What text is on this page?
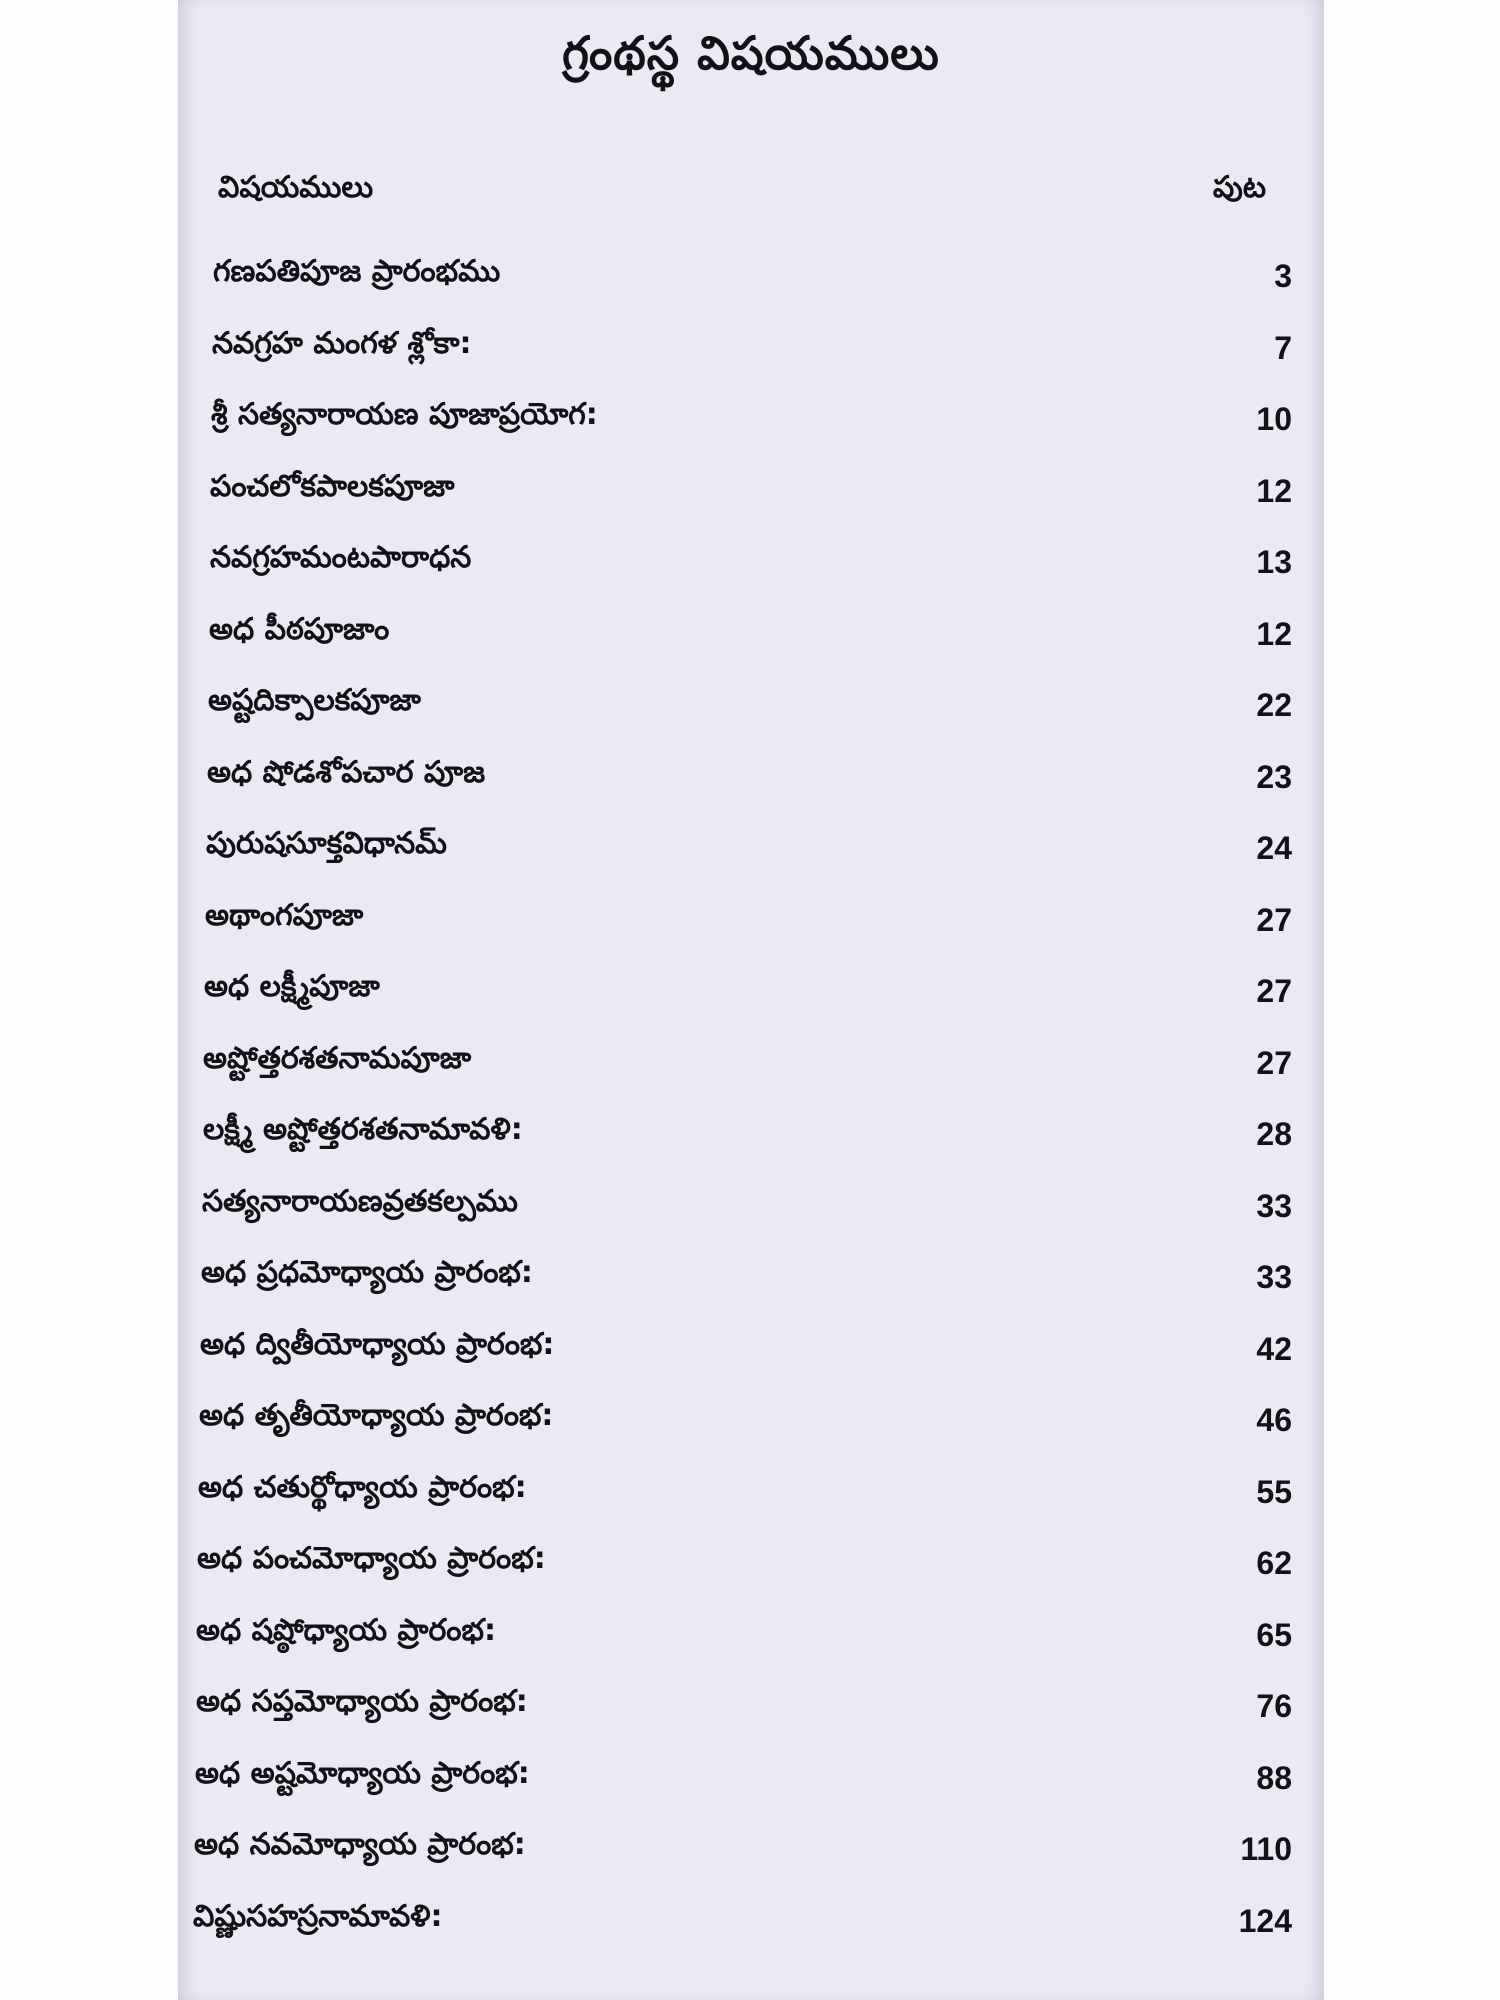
గ్రంథస్థ విషయములు
విషయములు	పుట
గణపతిపూజ ప్రారంభము	3
నవగ్రహ మంగళ శ్లోకా:	7
శ్రీ సత్యనారాయణ పూజాప్రయోగ:	10
పంచలోకపాలకపూజా	12
నవగ్రహమంటపారాధన	13
అధ పీఠపూజాం	12
అష్టదిక్పాలకపూజా	22
అధ షోడశోపచార పూజ	23
పురుషసూక్తవిధానమ్	24
అథాంగపూజా	27
అధ లక్ష్మీపూజా	27
అష్టోత్తరశతనామపూజా	27
లక్ష్మీ అష్టోత్తరశతనామావళి:	28
సత్యనారాయణవ్రతకల్పము	33
అధ ప్రధమోధ్యాయ ప్రారంభ:	33
అధ ద్వితీయోధ్యాయ ప్రారంభ:	42
అధ తృతీయోధ్యాయ ప్రారంభ:	46
అధ చతుర్థోధ్యాయ ప్రారంభ:	55
అధ పంచమోధ్యాయ ప్రారంభ:	62
అధ షష్ఠోధ్యాయ ప్రారంభ:	65
అధ సప్తమోధ్యాయ ప్రారంభ:	76
అధ అష్టమోధ్యాయ ప్రారంభ:	88
అధ నవమోధ్యాయ ప్రారంభ:	110
విష్ణుసహస్రనామావళి:	124
